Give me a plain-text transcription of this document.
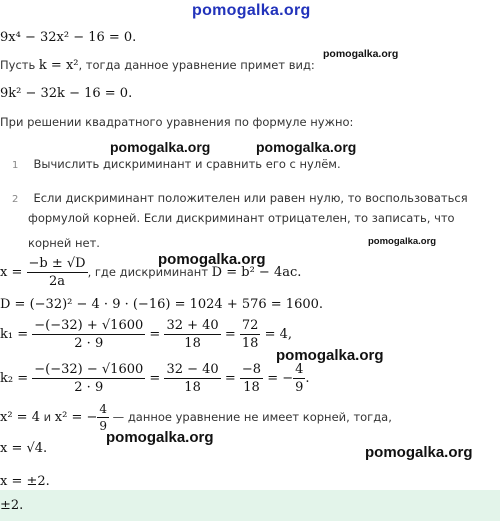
pomogalka.org
9x⁴ − 32x² − 16 = 0.
Пусть k = x², тогда данное уравнение примет вид:
pomogalka.org
9k² − 32k − 16 = 0.
При решении квадратного уравнения по формуле нужно:
1 Вычислить дискриминант и сравнить его с нулём.
pomogalka.org	pomogalka.org
2 Если дискриминант положителен или равен нулю, то воспользоваться
формулой корней. Если дискриминант отрицателен, то записать, что
корней нет.	pomogalka.org
$x = \frac{-b \pm √D}{2a}$ , где дискриминант D = b² − 4ac.
pomogalka.org
D = (−32)² − 4 · 9 · (−16) = 1024 + 576 = 1600.
$k_1 = \frac{-(-32) + √1600}{2 \cdot 9} = \frac{32 + 40}{18} = \frac{72}{18} = 4$,
pomogalka.org
$k_2 = \frac{-(-32) - √1600}{2 \cdot 9} = \frac{32 - 40}{18} = \frac{-8}{18}$ = − $\frac{4}{9}$ .
x² = 4 и x² = − $\frac{4}{9}$ — данное уравнение не имеет корней, тогда,
pomogalka.org
x = √4.	pomogalka.org
x = ±2.
±2.
